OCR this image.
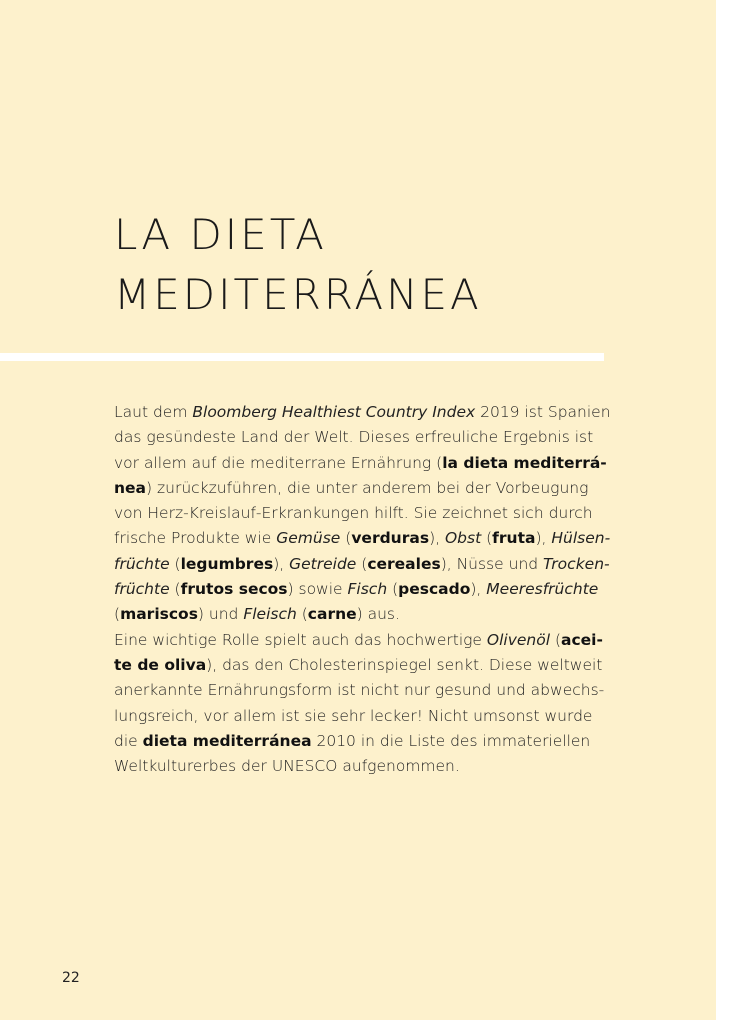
LA DIETA
MEDITERRÁNEA
Laut dem Bloomberg Healthiest Country Index 2019 ist Spanien
das gesündeste Land der Welt. Dieses erfreuliche Ergebnis ist
vor allem auf die mediterrane Ernährung (la dieta mediterrá-
nea) zurückzuführen, die unter anderem bei der Vorbeugung
von Herz-Kreislauf-Erkrankungen hilft. Sie zeichnet sich durch
frische Produkte wie Gemüse (verduras), Obst (fruta), Hülsen-
früchte (legumbres), Getreide (cereales), Nüsse und Trocken-
früchte (frutos secos) sowie Fisch (pescado), Meeresfrüchte
(mariscos) und Fleisch (carne) aus.
Eine wichtige Rolle spielt auch das hochwertige Olivenöl (acei-
te de oliva), das den Cholesterinspiegel senkt. Diese weltweit
anerkannte Ernährungsform ist nicht nur gesund und abwechs-
lungsreich, vor allem ist sie sehr lecker! Nicht umsonst wurde
die dieta mediterránea 2010 in die Liste des immateriellen
Weltkulturerbes der UNESCO aufgenommen.
22
